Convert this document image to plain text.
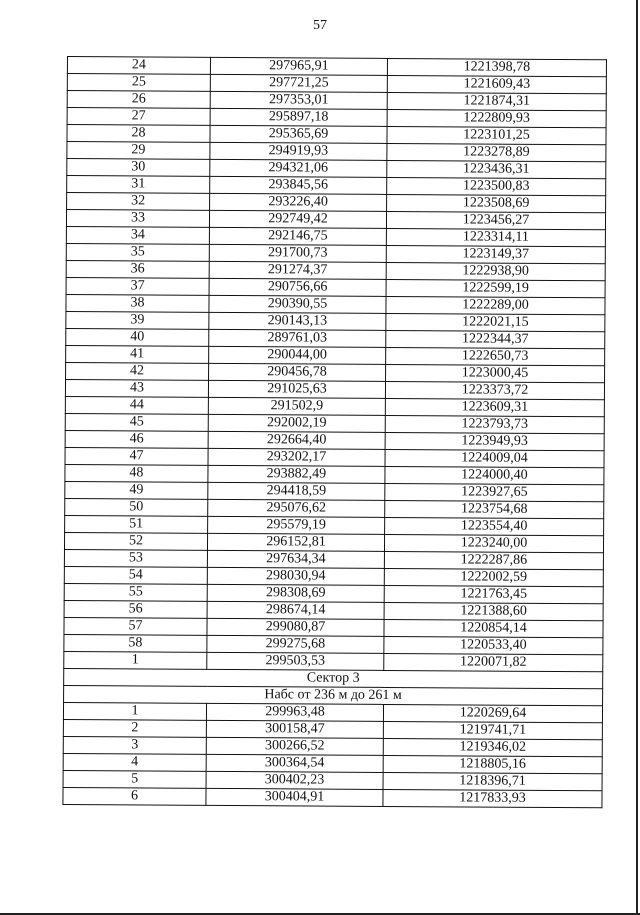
57
24	297965,91	1221398,78
25	297721,25	1221609,43
26	297353,01	1221874,31
27	295897,18	1222809,93
28	295365,69	1223101,25
29	294919,93	1223278,89
30	294321,06	1223436,31
31	293845,56	1223500,83
32	293226,40	1223508,69
33	292749,42	1223456,27
34	292146,75	1223314,11
35	291700,73	1223149,37
36	291274,37	1222938,90
37	290756,66	1222599,19
38	290390,55	1222289,00
39	290143,13	1222021,15
40	289761,03	1222344,37
41	290044,00	1222650,73
42	290456,78	1223000,45
43	291025,63	1223373,72
44	291502,9	1223609,31
45	292002,19	1223793,73
46	292664,40	1223949,93
47	293202,17	1224009,04
48	293882,49	1224000,40
49	294418,59	1223927,65
50	295076,62	1223754,68
51	295579,19	1223554,40
52	296152,81	1223240,00
53	297634,34	1222287,86
54	298030,94	1222002,59
55	298308,69	1221763,45
56	298674,14	1221388,60
57	299080,87	1220854,14
58	299275,68	1220533,40
1	299503,53	1220071,82
Сектор 3		
Набс от 236 м до 261 м		
1	299963,48	1220269,64
2	300158,47	1219741,71
3	300266,52	1219346,02
4	300364,54	1218805,16
5	300402,23	1218396,71
6	300404,91	1217833,93
